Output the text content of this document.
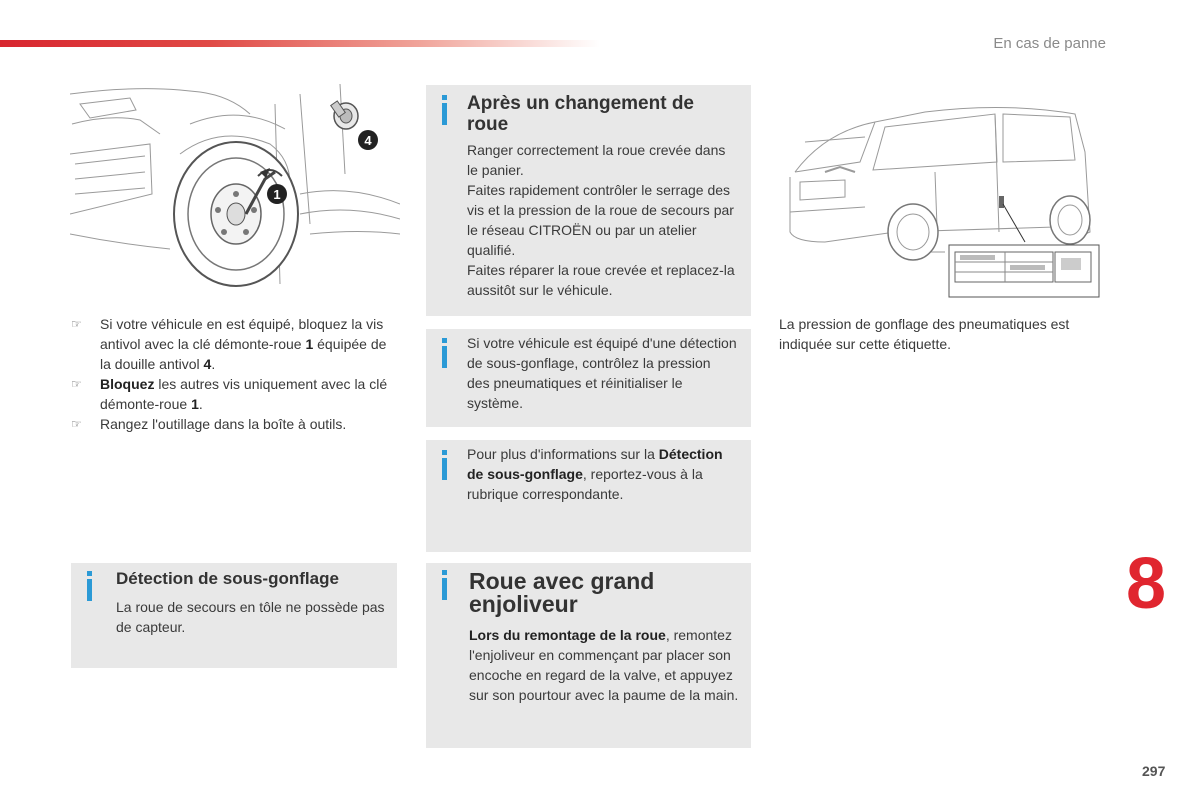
En cas de panne
1
4
☞ Si votre véhicule en est équipé, bloquez la vis antivol avec la clé démonte-roue 1 équipée de la douille antivol 4.
☞ Bloquez les autres vis uniquement avec la clé démonte-roue 1.
☞ Rangez l'outillage dans la boîte à outils.
Après un changement de roue

Ranger correctement la roue crevée dans le panier.

Faites rapidement contrôler le serrage des vis et la pression de la roue de secours par le réseau CITROËN ou par un atelier qualifié.

Faites réparer la roue crevée et replacez-la aussitôt sur le véhicule.

Si votre véhicule est équipé d'une détection de sous-gonflage, contrôlez la pression des pneumatiques et réinitialiser le système.

Pour plus d'informations sur la Détection de sous-gonflage, reportez-vous à la rubrique correspondante.

Détection de sous-gonflage

La roue de secours en tôle ne possède pas de capteur.

Roue avec grand enjoliveur

Lors du remontage de la roue, remontez l'enjoliveur en commençant par placer son encoche en regard de la valve, et appuyez sur son pourtour avec la paume de la main.

La pression de gonflage des pneumatiques est indiquée sur cette étiquette.
8
297
